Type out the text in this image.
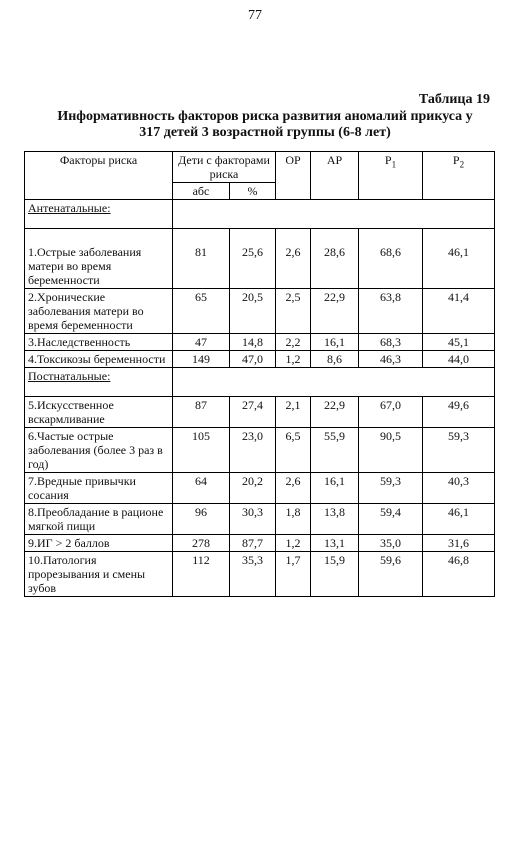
77
Таблица 19
Информативность факторов риска развития аномалий прикуса у
317 детей 3 возрастной группы (6-8 лет)
Факторы риска	Дети с факторами риска		ОР	АР	$Р_1$	$Р_2$
	абс	%				
Антенатальные:						
1.Острые заболевания матери во время беременности	81	25,6	2,6	28,6	68,6	46,1
2.Хронические заболевания матери во время беременности	65	20,5	2,5	22,9	63,8	41,4
3.Наследственность	47	14,8	2,2	16,1	68,3	45,1
4.Токсикозы беременности	149	47,0	1,2	8,6	46,3	44,0
Постнатальные:						
5.Искусственное вскармливание	87	27,4	2,1	22,9	67,0	49,6
6.Частые острые заболевания (более 3 раз в год)	105	23,0	6,5	55,9	90,5	59,3
7.Вредные привычки сосания	64	20,2	2,6	16,1	59,3	40,3
8.Преобладание в рационе мягкой пищи	96	30,3	1,8	13,8	59,4	46,1
9.ИГ > 2 баллов	278	87,7	1,2	13,1	35,0	31,6
10.Патология прорезывания и смены зубов	112	35,3	1,7	15,9	59,6	46,8
